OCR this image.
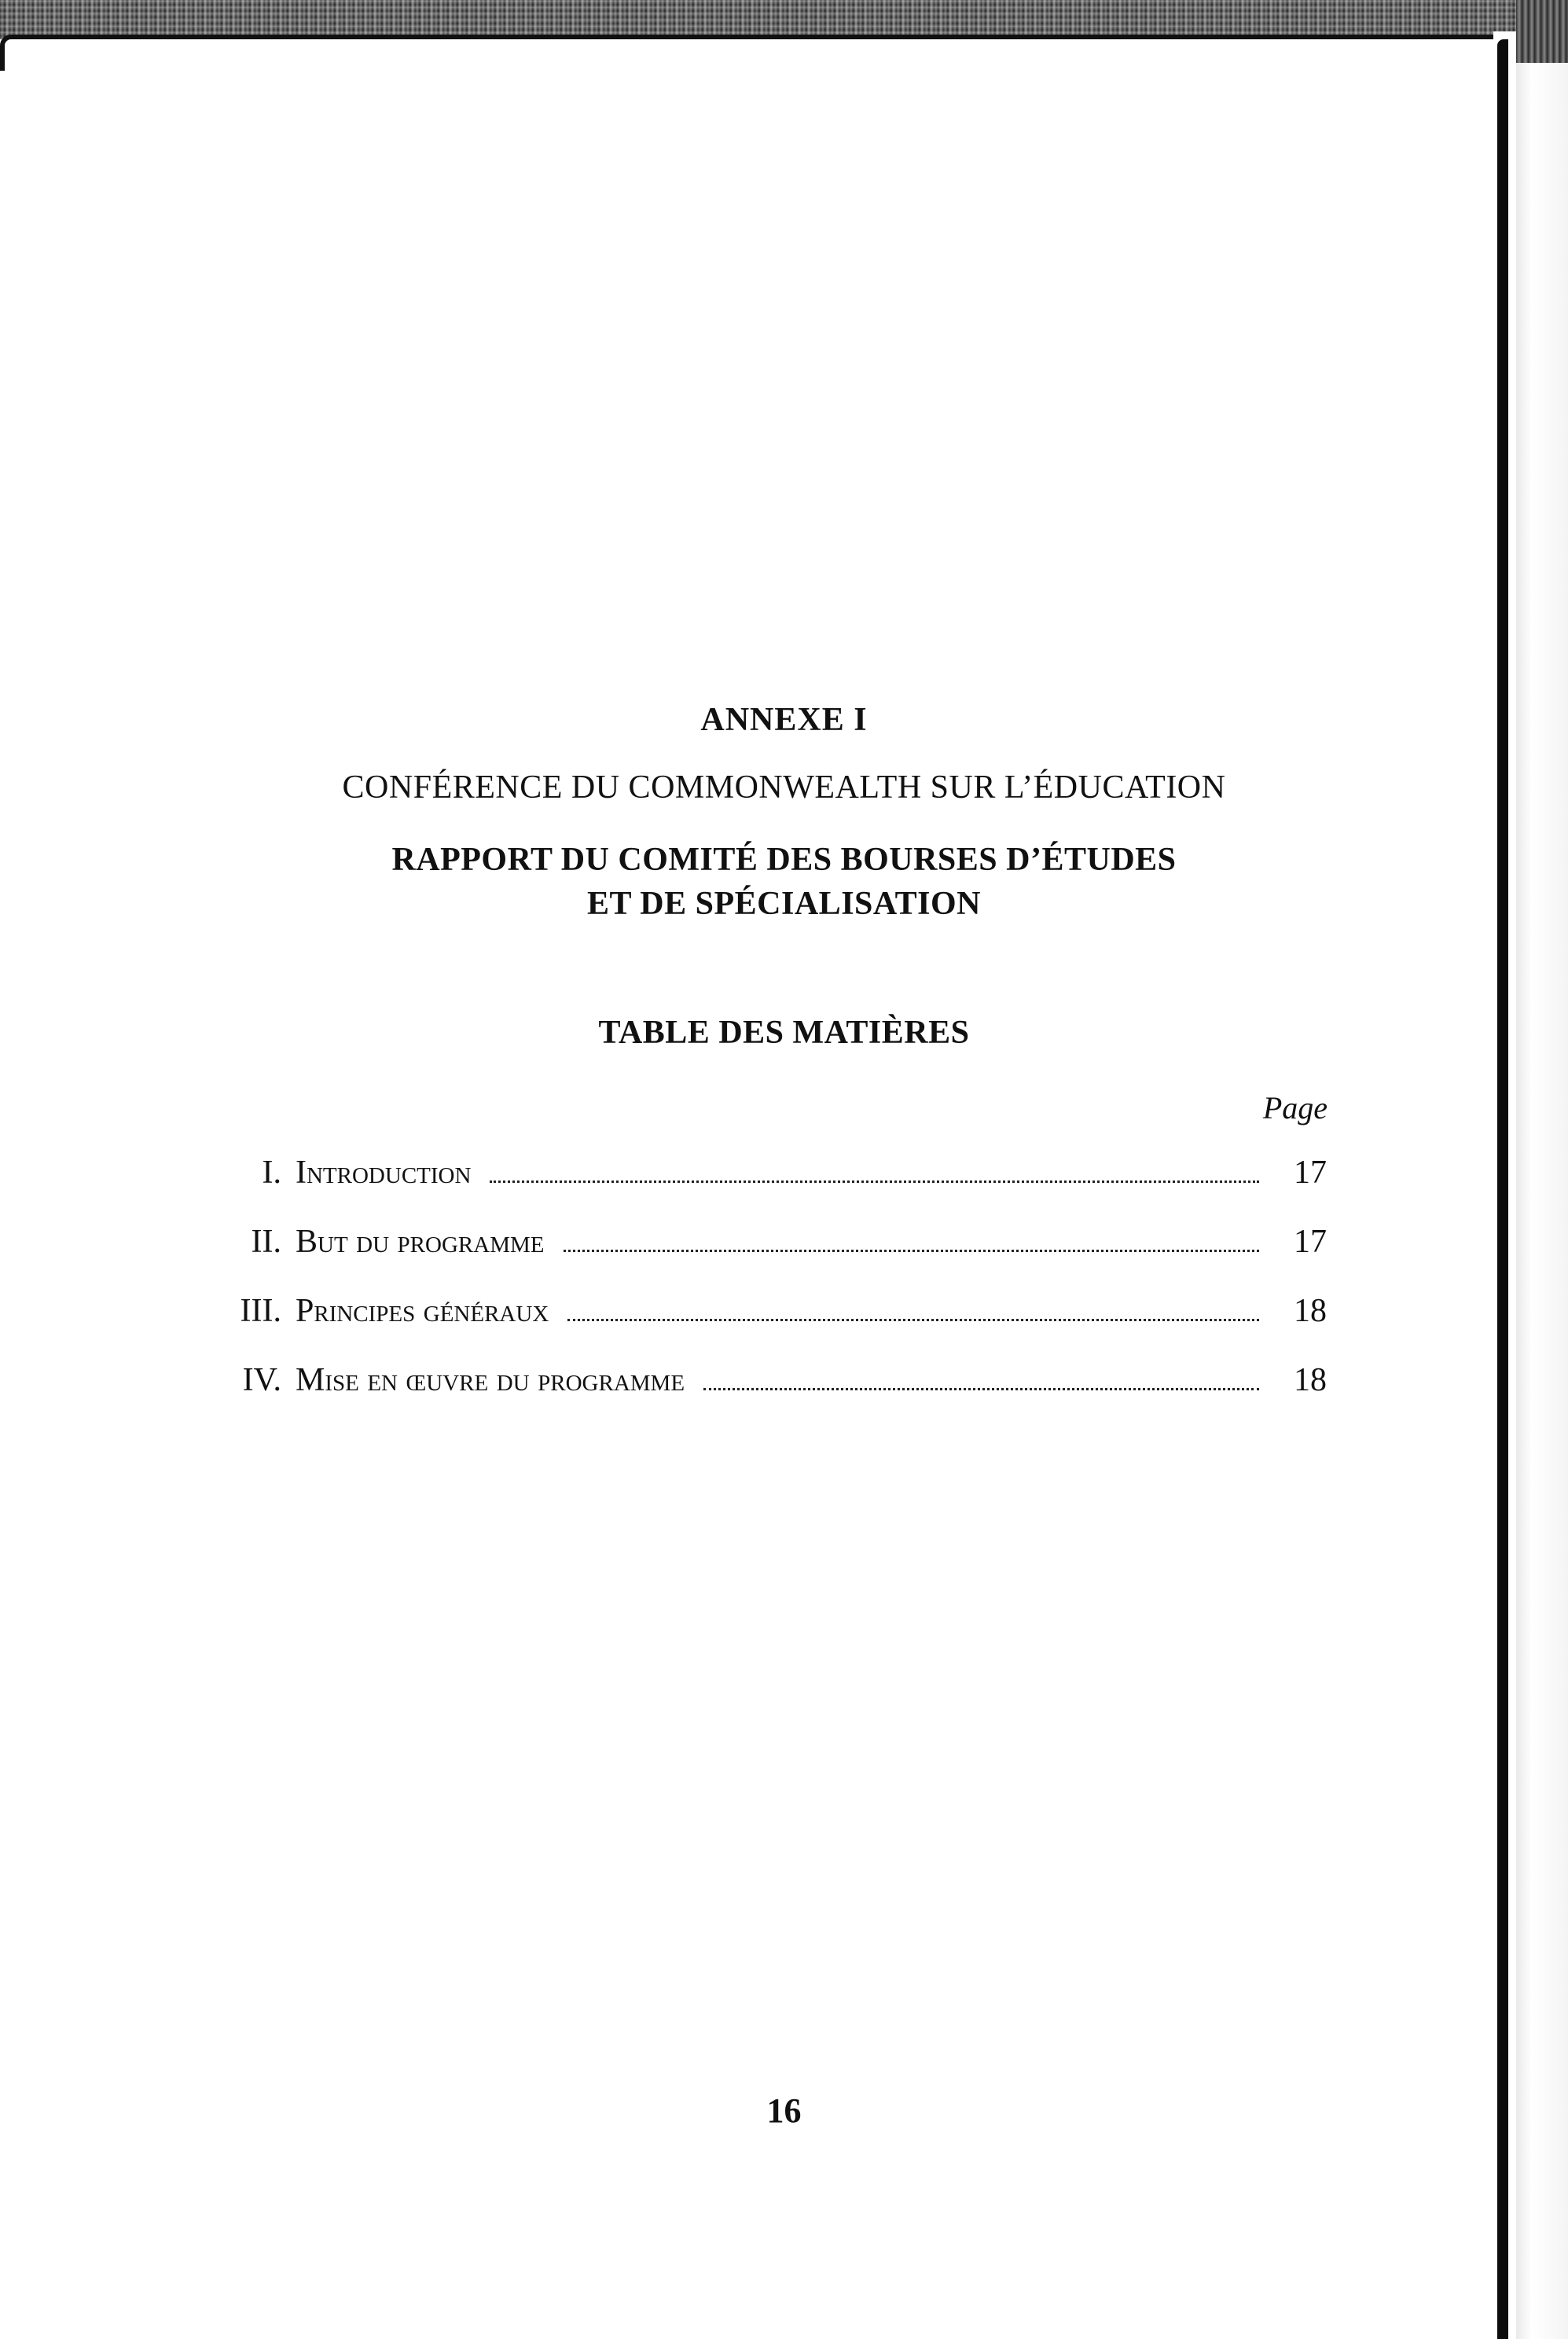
ANNEXE I
CONFÉRENCE DU COMMONWEALTH SUR L’ÉDUCATION
RAPPORT DU COMITÉ DES BOURSES D’ÉTUDES
ET DE SPÉCIALISATION
TABLE DES MATIÈRES
Page
I. Introduction	17
II. But du programme	17
III. Principes généraux	18
IV. Mise en œuvre du programme	18
16
